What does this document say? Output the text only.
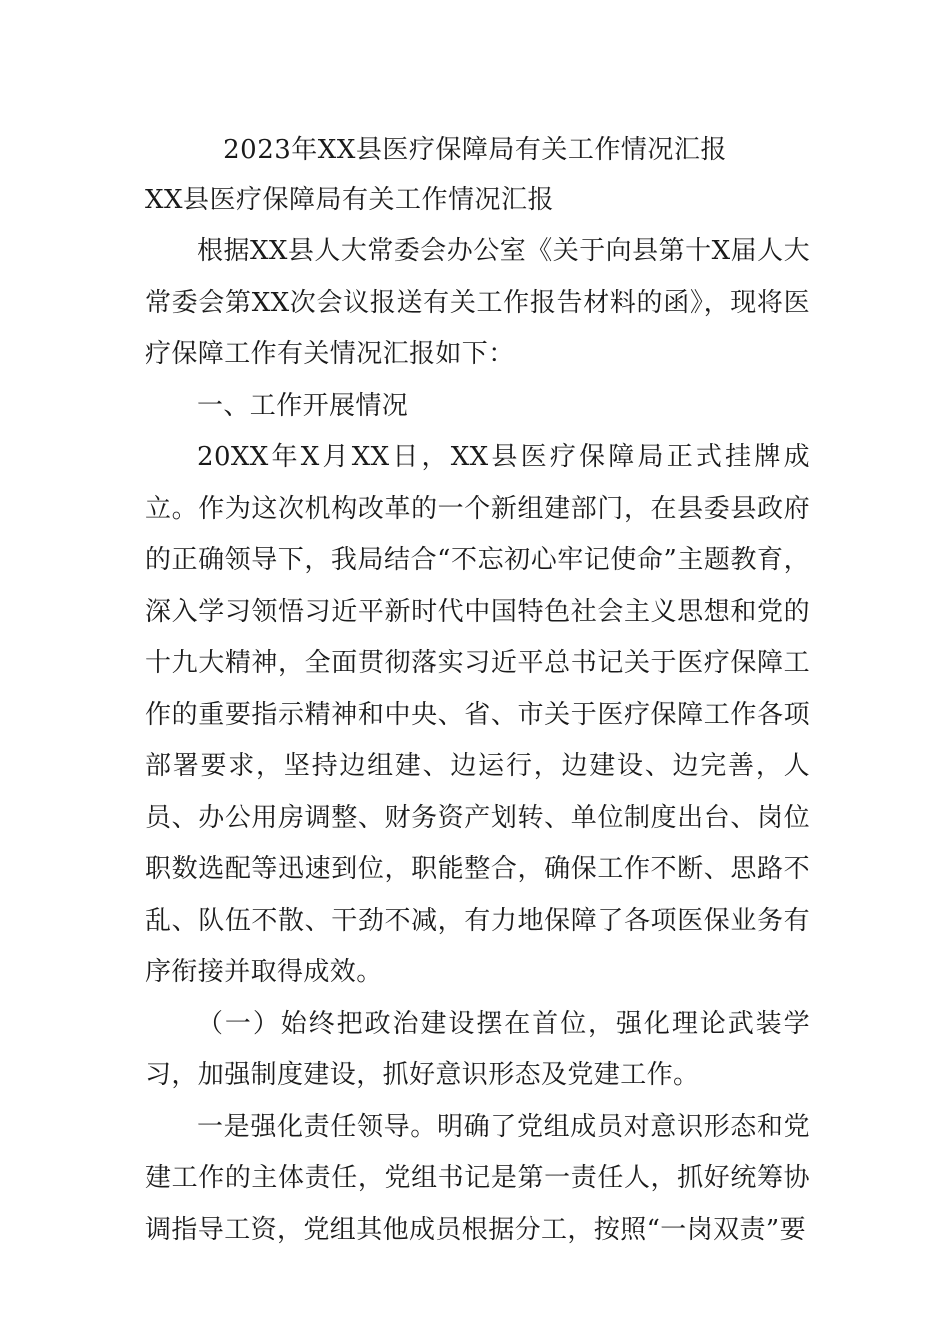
2023年XX县医疗保障局有关工作情况汇报
XX县医疗保障局有关工作情况汇报

根据XX县人大常委会办公室《关于向县第十X届人大常委会第XX次会议报送有关工作报告材料的函》，现将医疗保障工作有关情况汇报如下：

一、工作开展情况

20XX年X月XX日，XX县医疗保障局正式挂牌成立。作为这次机构改革的一个新组建部门，在县委县政府的正确领导下，我局结合“不忘初心牢记使命”主题教育，深入学习领悟习近平新时代中国特色社会主义思想和党的十九大精神，全面贯彻落实习近平总书记关于医疗保障工作的重要指示精神和中央、省、市关于医疗保障工作各项部署要求，坚持边组建、边运行，边建设、边完善，人员、办公用房调整、财务资产划转、单位制度出台、岗位职数选配等迅速到位，职能整合，确保工作不断、思路不乱、队伍不散、干劲不减，有力地保障了各项医保业务有序衔接并取得成效。

（一）始终把政治建设摆在首位，强化理论武装学习，加强制度建设，抓好意识形态及党建工作。

一是强化责任领导。明确了党组成员对意识形态和党建工作的主体责任，党组书记是第一责任人，抓好统筹协调指导工资，党组其他成员根据分工，按照“一岗双责”要
